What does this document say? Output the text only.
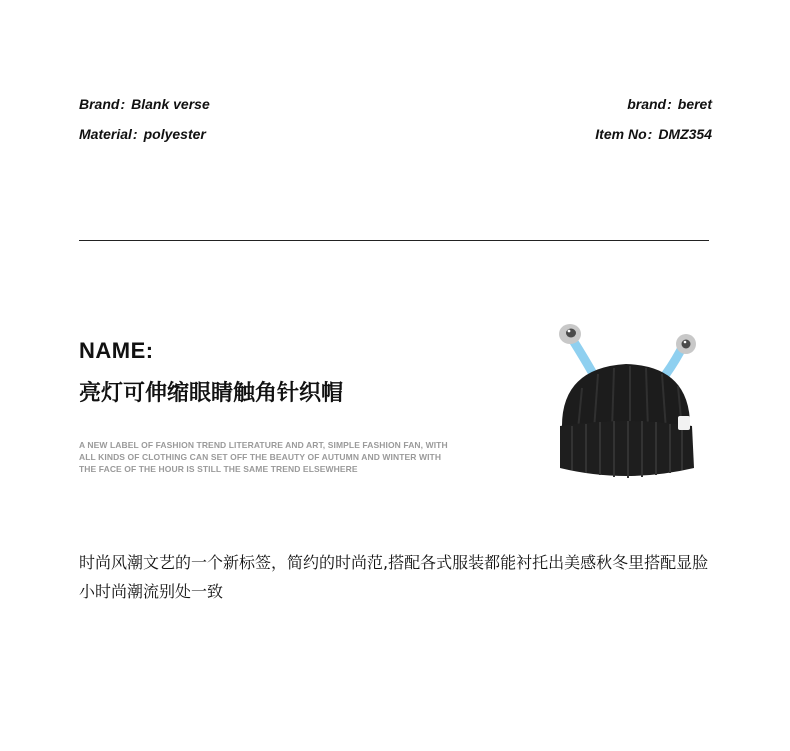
Brand: Blank verse
Material: polyester
brand: beret
Item No: DMZ354
NAME:
亮灯可伸缩眼睛触角针织帽
A NEW LABEL OF FASHION TREND LITERATURE AND ART, SIMPLE FASHION FAN, WITH ALL KINDS OF CLOTHING CAN SET OFF THE BEAUTY OF AUTUMN AND WINTER WITH THE FACE OF THE HOUR IS STILL THE SAME TREND ELSEWHERE
时尚风潮文艺的一个新标签，简约的时尚范,搭配各式服装都能衬托出美感秋冬里搭配显脸小时尚潮流别处一致
